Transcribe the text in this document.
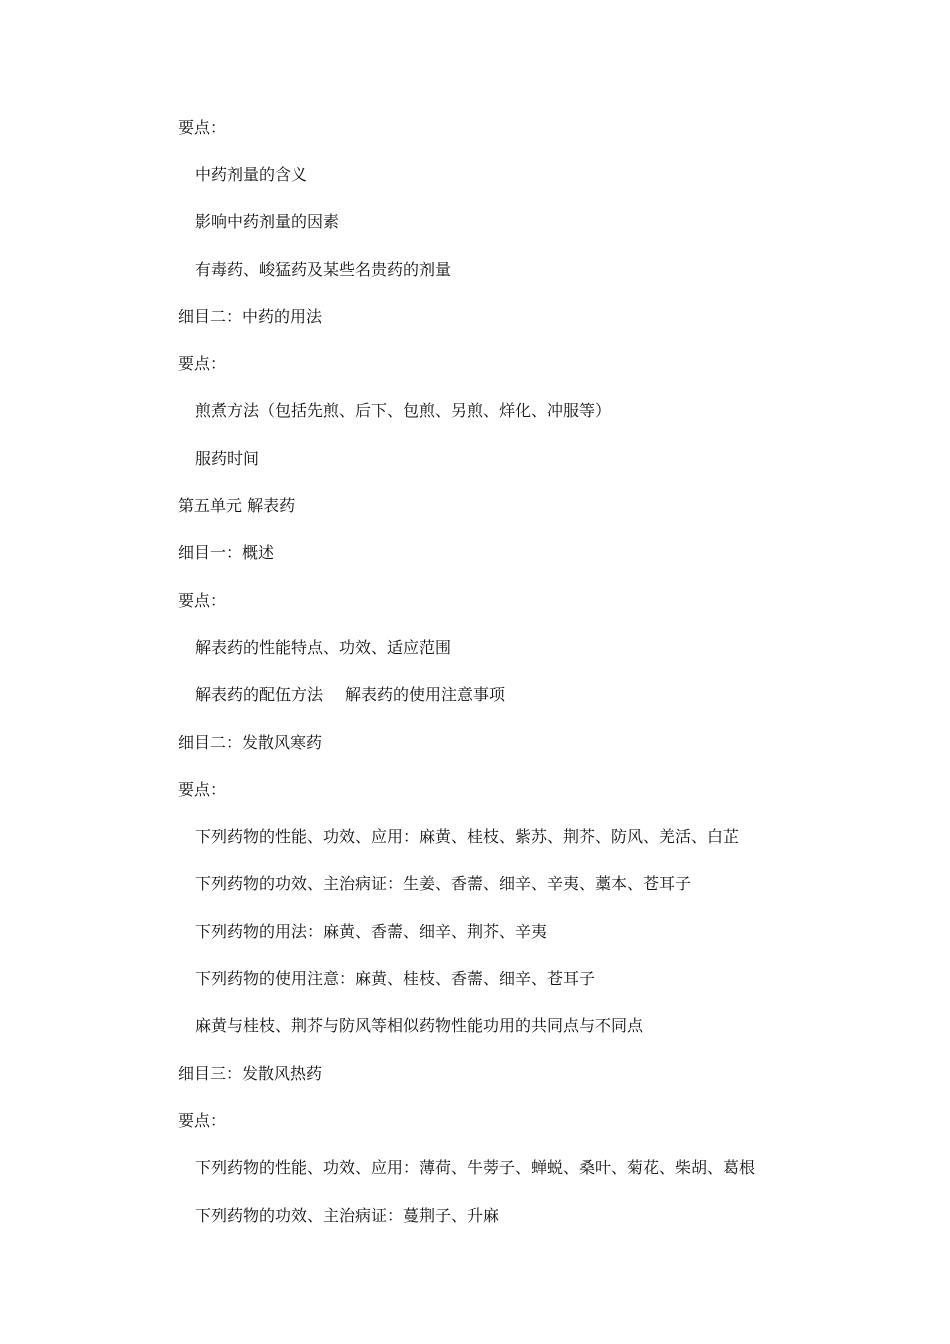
要点：
中药剂量的含义
影响中药剂量的因素
有毒药、峻猛药及某些名贵药的剂量
细目二：中药的用法
要点：
煎煮方法（包括先煎、后下、包煎、另煎、烊化、冲服等）
服药时间
第五单元 解表药
细目一：概述
要点：
解表药的性能特点、功效、适应范围
解表药的配伍方法 解表药的使用注意事项
细目二：发散风寒药
要点：
下列药物的性能、功效、应用：麻黄、桂枝、紫苏、荆芥、防风、羌活、白芷
下列药物的功效、主治病证：生姜、香薷、细辛、辛夷、藁本、苍耳子
下列药物的用法：麻黄、香薷、细辛、荆芥、辛夷
下列药物的使用注意：麻黄、桂枝、香薷、细辛、苍耳子
麻黄与桂枝、荆芥与防风等相似药物性能功用的共同点与不同点
细目三：发散风热药
要点：
下列药物的性能、功效、应用：薄荷、牛蒡子、蝉蜕、桑叶、菊花、柴胡、葛根
下列药物的功效、主治病证：蔓荆子、升麻
